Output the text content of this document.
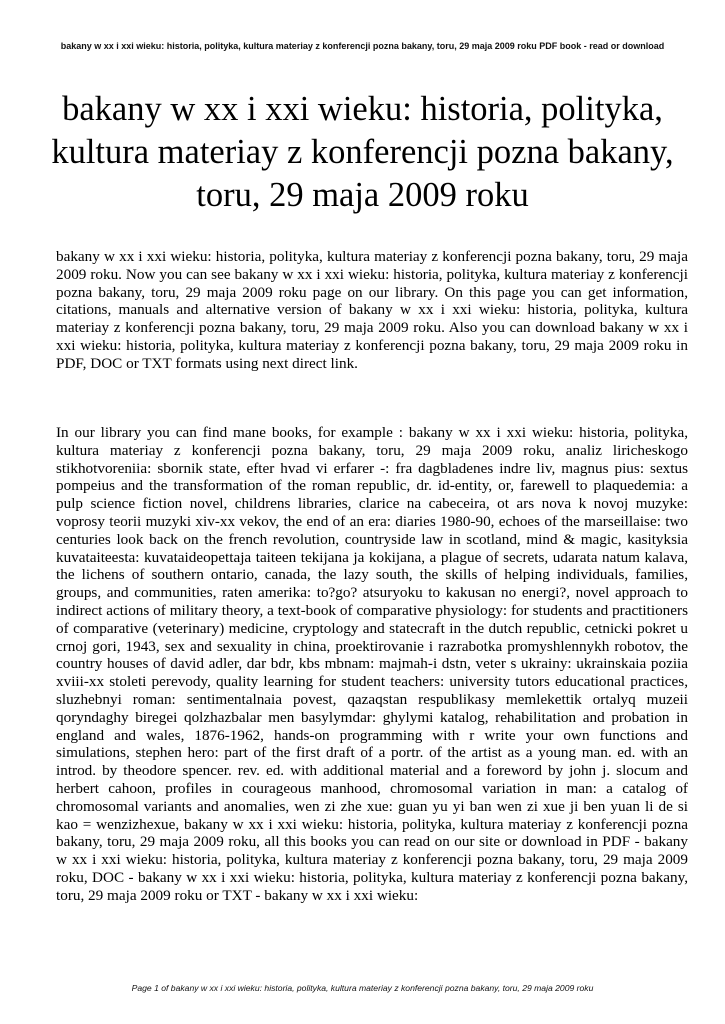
bakany w xx i xxi wieku: historia, polityka, kultura materiay z konferencji pozna bakany, toru, 29 maja 2009 roku PDF book - read or download
bakany w xx i xxi wieku: historia, polityka, kultura materiay z konferencji pozna bakany, toru, 29 maja 2009 roku

bakany w xx i xxi wieku: historia, polityka, kultura materiay z konferencji pozna bakany, toru, 29 maja 2009 roku. Now you can see bakany w xx i xxi wieku: historia, polityka, kultura materiay z konferencji pozna bakany, toru, 29 maja 2009 roku page on our library. On this page you can get information, citations, manuals and alternative version of bakany w xx i xxi wieku: historia, polityka, kultura materiay z konferencji pozna bakany, toru, 29 maja 2009 roku. Also you can download bakany w xx i xxi wieku: historia, polityka, kultura materiay z konferencji pozna bakany, toru, 29 maja 2009 roku in PDF, DOC or TXT formats using next direct link.

In our library you can find mane books, for example : bakany w xx i xxi wieku: historia, polityka, kultura materiay z konferencji pozna bakany, toru, 29 maja 2009 roku, analiz liricheskogo stikhotvoreniia: sbornik state, efter hvad vi erfarer -: fra dagbladenes indre liv, magnus pius: sextus pompeius and the transformation of the roman republic, dr. id-entity, or, farewell to plaquedemia: a pulp science fiction novel, childrens libraries, clarice na cabeceira, ot ars nova k novoj muzyke: voprosy teorii muzyki xiv-xx vekov, the end of an era: diaries 1980-90, echoes of the marseillaise: two centuries look back on the french revolution, countryside law in scotland, mind & magic, kasityksia kuvataiteesta: kuvataideopettaja taiteen tekijana ja kokijana, a plague of secrets, udarata natum kalava, the lichens of southern ontario, canada, the lazy south, the skills of helping individuals, families, groups, and communities, raten amerika: to?go? atsuryoku to kakusan no energi?, novel approach to indirect actions of military theory, a text-book of comparative physiology: for students and practitioners of comparative (veterinary) medicine, cryptology and statecraft in the dutch republic, cetnicki pokret u crnoj gori, 1943, sex and sexuality in china, proektirovanie i razrabotka promyshlennykh robotov, the country houses of david adler, dar bdr, kbs mbnam: majmah-i dstn, veter s ukrainy: ukrainskaia poziia xviii-xx stoleti perevody, quality learning for student teachers: university tutors educational practices, sluzhebnyi roman: sentimentalnaia povest, qazaqstan respublikasy memlekettik ortalyq muzeii qoryndaghy biregei qolzhazbalar men basylymdar: ghylymi katalog, rehabilitation and probation in england and wales, 1876-1962, hands-on programming with r write your own functions and simulations, stephen hero: part of the first draft of a portr. of the artist as a young man. ed. with an introd. by theodore spencer. rev. ed. with additional material and a foreword by john j. slocum and herbert cahoon, profiles in courageous manhood, chromosomal variation in man: a catalog of chromosomal variants and anomalies, wen zi zhe xue: guan yu yi ban wen zi xue ji ben yuan li de si kao = wenzizhexue, bakany w xx i xxi wieku: historia, polityka, kultura materiay z konferencji pozna bakany, toru, 29 maja 2009 roku, all this books you can read on our site or download in PDF - bakany w xx i xxi wieku: historia, polityka, kultura materiay z konferencji pozna bakany, toru, 29 maja 2009 roku, DOC - bakany w xx i xxi wieku: historia, polityka, kultura materiay z konferencji pozna bakany, toru, 29 maja 2009 roku or TXT - bakany w xx i xxi wieku:

Page 1 of bakany w xx i xxi wieku: historia, polityka, kultura materiay z konferencji pozna bakany, toru, 29 maja 2009 roku
